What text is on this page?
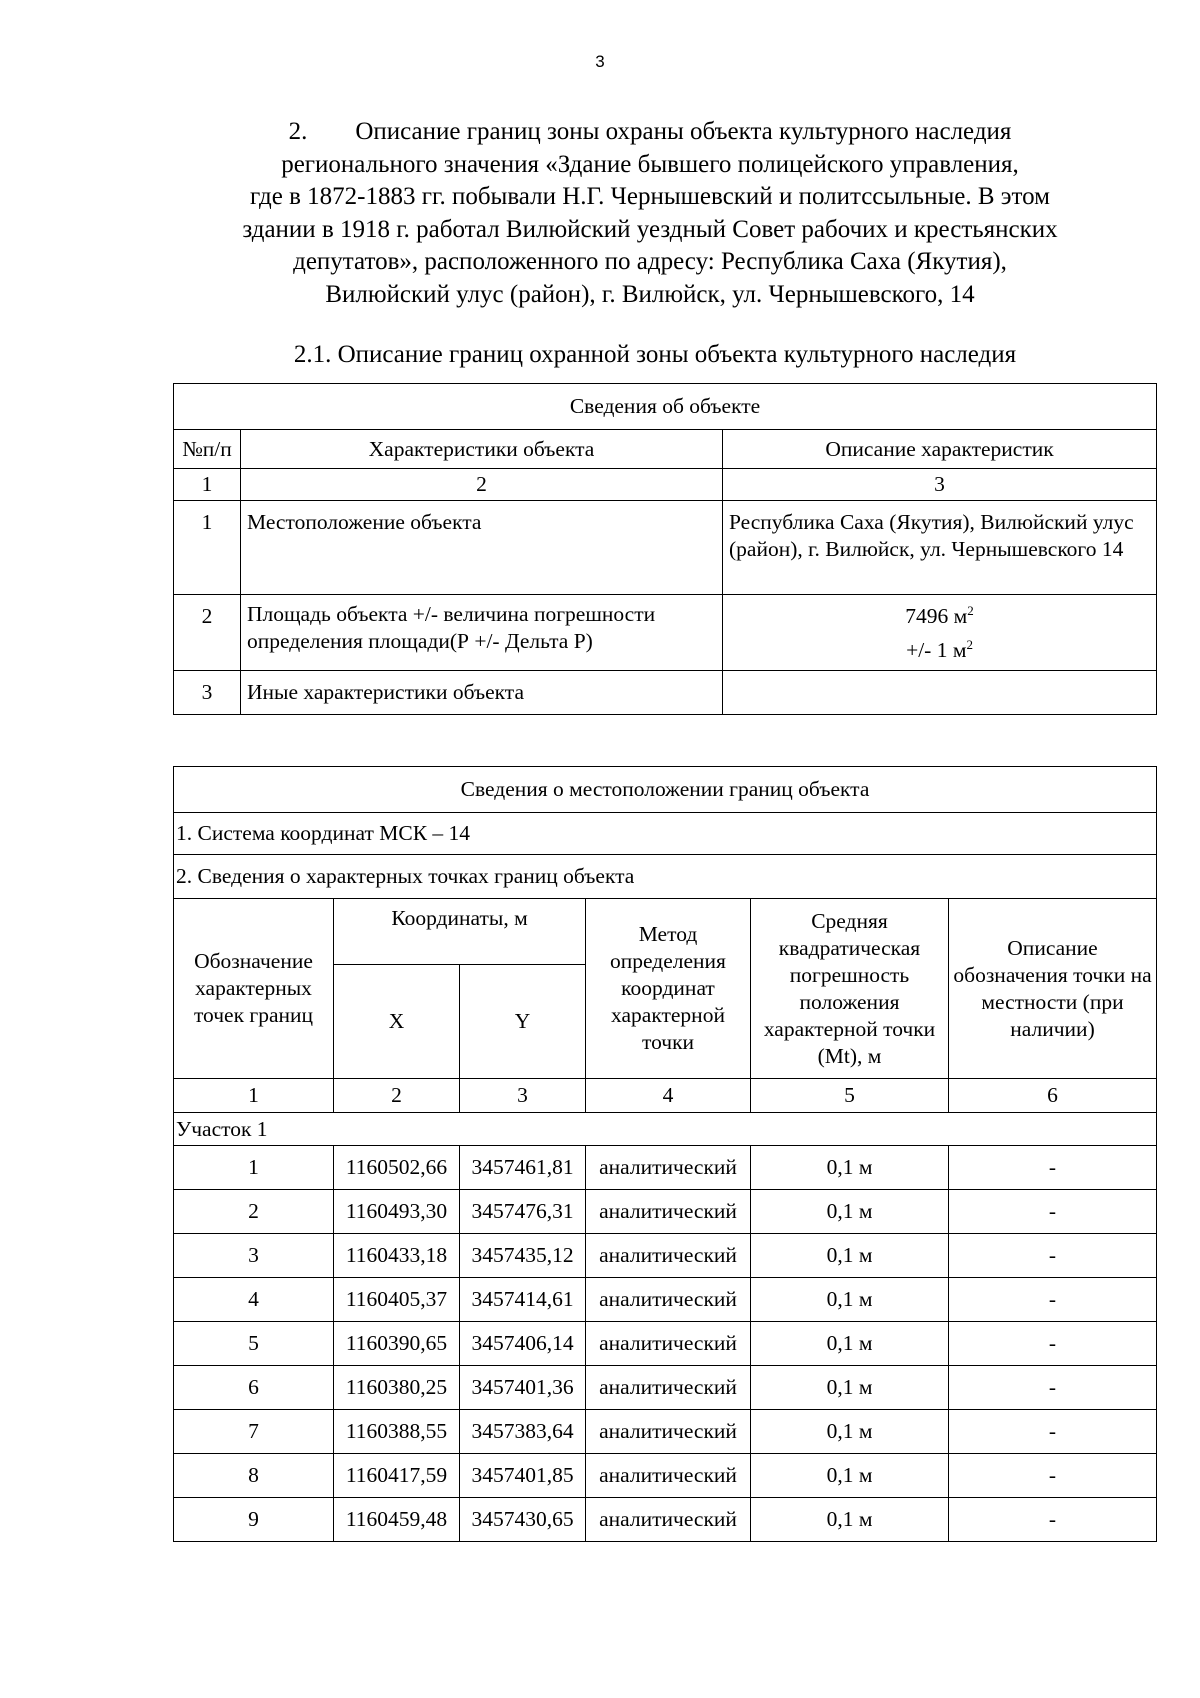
3
2. Описание границ зоны охраны объекта культурного наследия
регионального значения «Здание бывшего полицейского управления,
где в 1872-1883 гг. побывали Н.Г. Чернышевский и политссыльные. В этом
здании в 1918 г. работал Вилюйский уездный Совет рабочих и крестьянских
депутатов», расположенного по адресу: Республика Саха (Якутия),
Вилюйский улус (район), г. Вилюйск, ул. Чернышевского, 14
2.1. Описание границ охранной зоны объекта культурного наследия
Сведения об объекте		
№п/п	Характеристики объекта	Описание характеристик
1	2	3
1	Местоположение объекта	Республика Саха (Якутия), Вилюйский улус (район), г. Вилюйск, ул. Чернышевского 14
2	Площадь объекта +/- величина погрешности определения площади(Р +/- Дельта Р)	7496 $м^2$
+/- 1 $м^2$

3	Иные характеристики объекта	
Сведения о местоположении границ объекта					
1. Система координат МСК – 14					
2. Сведения о характерных точках границ объекта					
Обозначение характерных точек границ	Координаты, м		Метод определения координат характерной точки	Средняя квадратическая погрешность положения характерной точки (Mt), м	Описание обозначения точки на местности (при наличии)
	X	Y			
1	2	3	4	5	6
Участок 1					
1	1160502,66	3457461,81	аналитический	0,1 м	-
2	1160493,30	3457476,31	аналитический	0,1 м	-
3	1160433,18	3457435,12	аналитический	0,1 м	-
4	1160405,37	3457414,61	аналитический	0,1 м	-
5	1160390,65	3457406,14	аналитический	0,1 м	-
6	1160380,25	3457401,36	аналитический	0,1 м	-
7	1160388,55	3457383,64	аналитический	0,1 м	-
8	1160417,59	3457401,85	аналитический	0,1 м	-
9	1160459,48	3457430,65	аналитический	0,1 м	-
